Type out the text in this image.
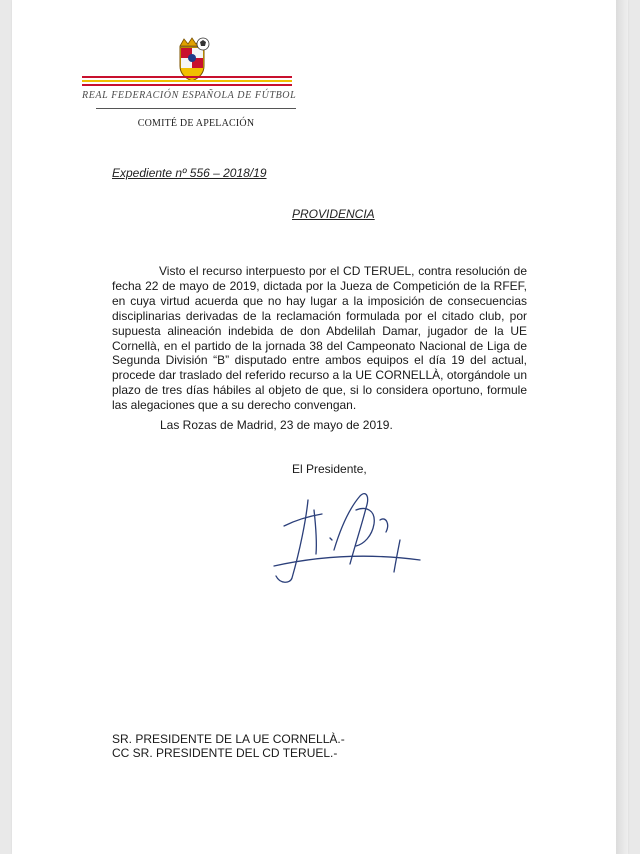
REAL FEDERACIÓN ESPAÑOLA DE FÚTBOL
COMITÉ DE APELACIÓN
Expediente nº 556 – 2018/19
PROVIDENCIA
Visto el recurso interpuesto por el CD TERUEL, contra resolución de fecha 22 de mayo de 2019, dictada por la Jueza de Competición de la RFEF, en cuya virtud acuerda que no hay lugar a la imposición de consecuencias disciplinarias derivadas de la reclamación formulada por el citado club, por supuesta alineación indebida de don Abdelilah Damar, jugador de la UE Cornellà, en el partido de la jornada 38 del Campeonato Nacional de Liga de Segunda División “B” disputado entre ambos equipos el día 19 del actual, procede dar traslado del referido recurso a la UE CORNELLÀ, otorgándole un plazo de tres días hábiles al objeto de que, si lo considera oportuno, formule las alegaciones que a su derecho convengan.
Las Rozas de Madrid, 23 de mayo de 2019.
El Presidente,
SR. PRESIDENTE DE LA UE CORNELLÀ.-
CC SR. PRESIDENTE DEL CD TERUEL.-
